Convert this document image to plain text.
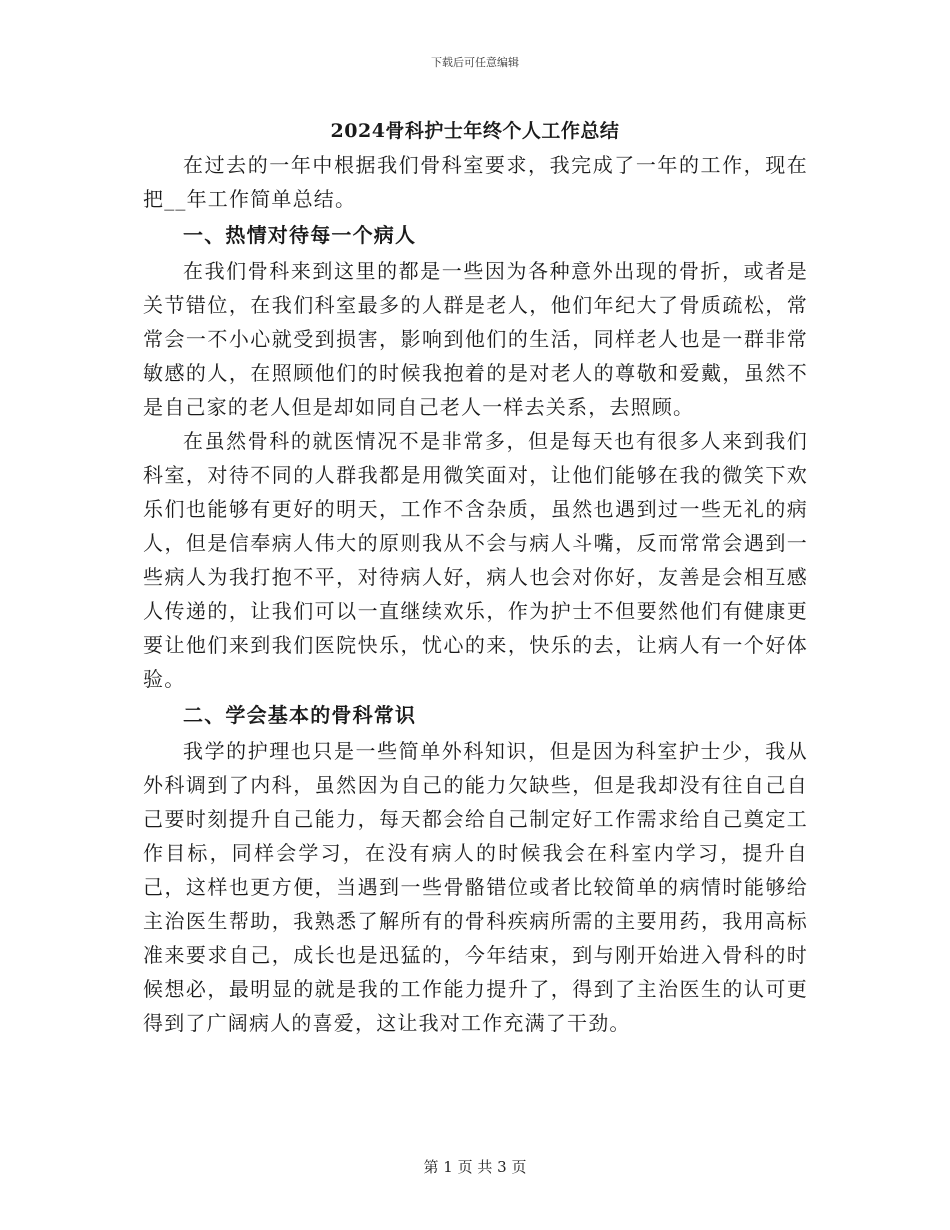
下载后可任意编辑
2024骨科护士年终个人工作总结

在过去的一年中根据我们骨科室要求，我完成了一年的工作，现在把__年工作简单总结。

一、热情对待每一个病人

在我们骨科来到这里的都是一些因为各种意外出现的骨折，或者是关节错位，在我们科室最多的人群是老人，他们年纪大了骨质疏松，常常会一不小心就受到损害，影响到他们的生活，同样老人也是一群非常敏感的人，在照顾他们的时候我抱着的是对老人的尊敬和爱戴，虽然不是自己家的老人但是却如同自己老人一样去关系，去照顾。

在虽然骨科的就医情况不是非常多，但是每天也有很多人来到我们科室，对待不同的人群我都是用微笑面对，让他们能够在我的微笑下欢乐们也能够有更好的明天，工作不含杂质，虽然也遇到过一些无礼的病人，但是信奉病人伟大的原则我从不会与病人斗嘴，反而常常会遇到一些病人为我打抱不平，对待病人好，病人也会对你好，友善是会相互感人传递的，让我们可以一直继续欢乐，作为护士不但要然他们有健康更要让他们来到我们医院快乐，忧心的来，快乐的去，让病人有一个好体验。

二、学会基本的骨科常识

我学的护理也只是一些简单外科知识，但是因为科室护士少，我从外科调到了内科，虽然因为自己的能力欠缺些，但是我却没有往自己自己要时刻提升自己能力，每天都会给自己制定好工作需求给自己奠定工作目标，同样会学习，在没有病人的时候我会在科室内学习，提升自己，这样也更方便，当遇到一些骨骼错位或者比较简单的病情时能够给主治医生帮助，我熟悉了解所有的骨科疾病所需的主要用药，我用高标准来要求自己，成长也是迅猛的，今年结束，到与刚开始进入骨科的时候想必，最明显的就是我的工作能力提升了，得到了主治医生的认可更得到了广阔病人的喜爱，这让我对工作充满了干劲。

第 1 页 共 3 页
